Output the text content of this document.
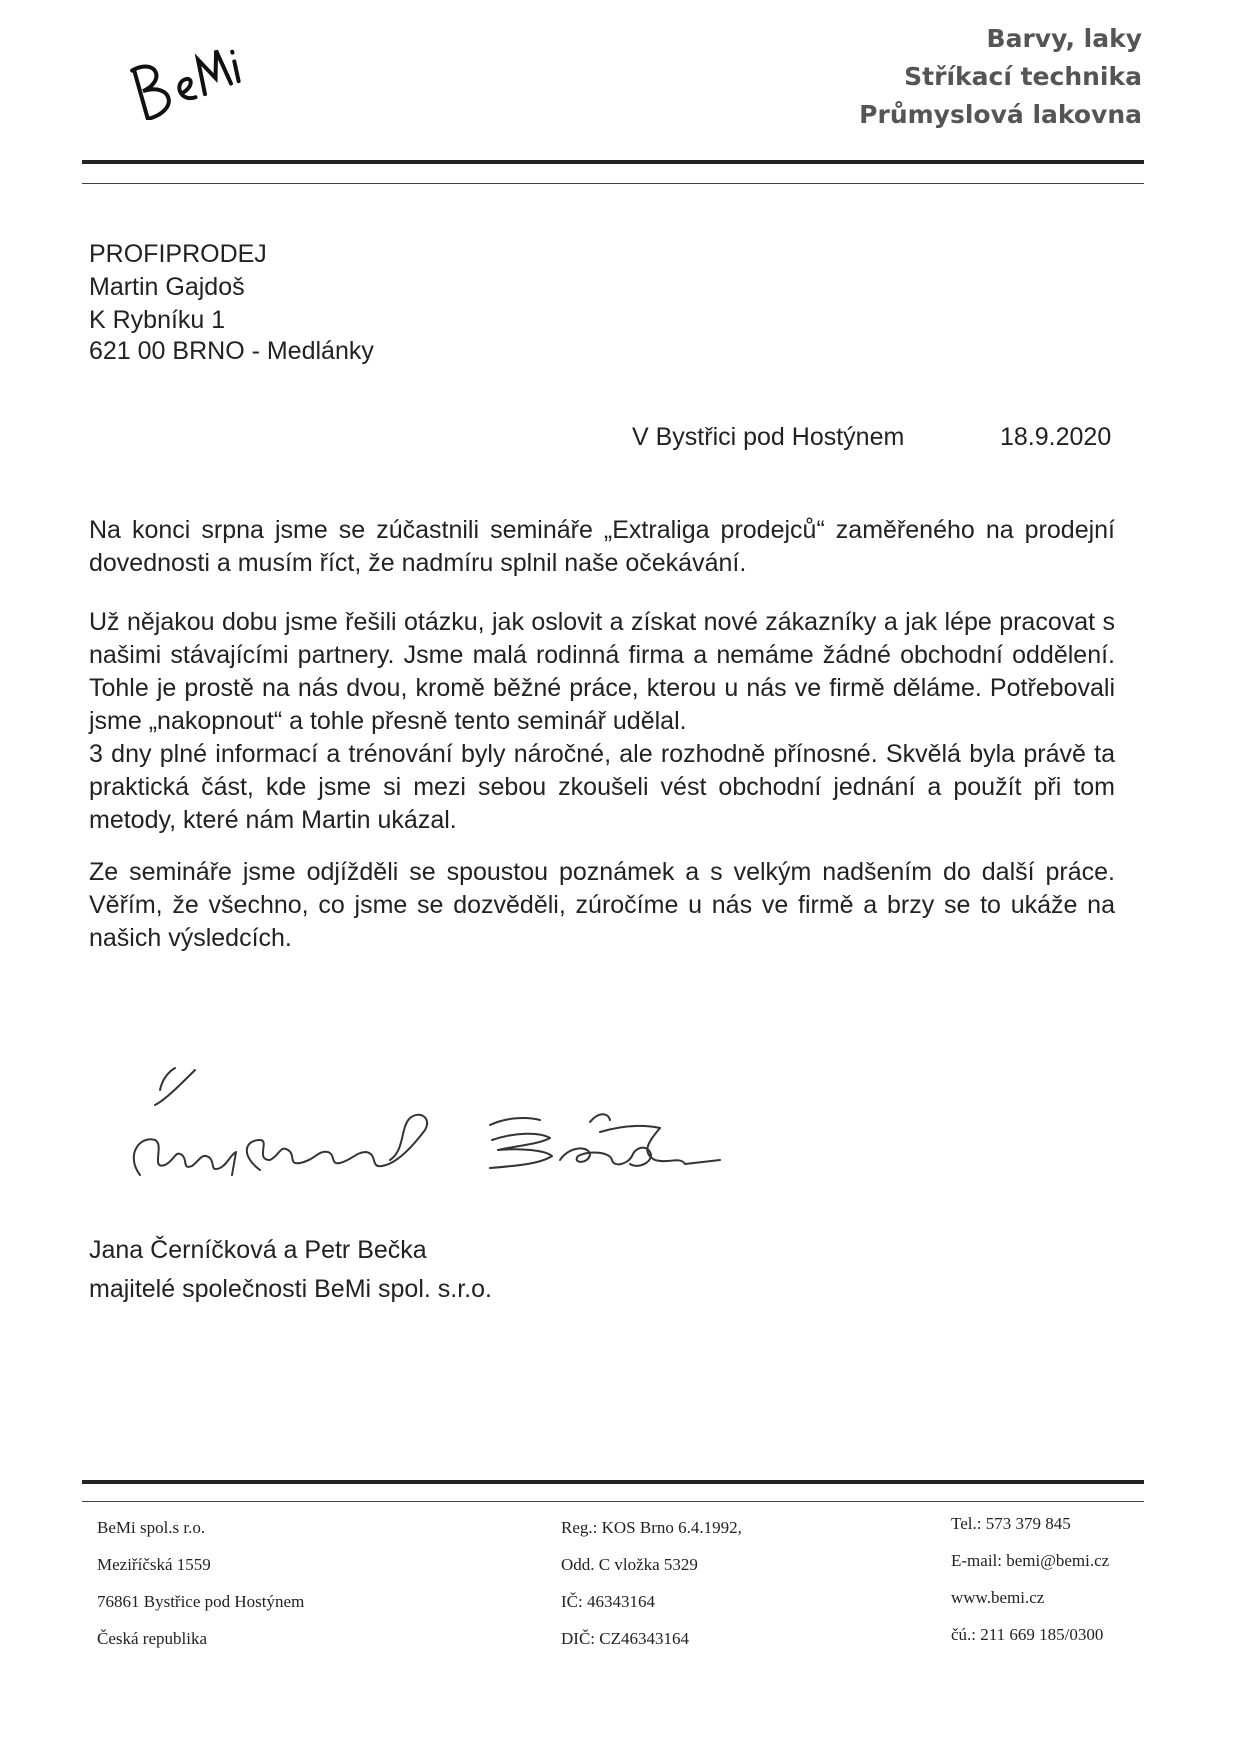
Barvy, laky
Stříkací technika
Průmyslová lakovna
PROFIPRODEJ
Martin Gajdoš
K Rybníku 1
621 00 BRNO - Medlánky
V Bystřici pod Hostýnem	18.9.2020
Na konci srpna jsme se zúčastnili semináře „Extraliga prodejců“ zaměřeného na prodejní dovednosti a musím říct, že nadmíru splnil naše očekávání.
Už nějakou dobu jsme řešili otázku, jak oslovit a získat nové zákazníky a jak lépe pracovat s našimi stávajícími partnery. Jsme malá rodinná firma a nemáme žádné obchodní oddělení. Tohle je prostě na nás dvou, kromě běžné práce, kterou u nás ve firmě děláme. Potřebovali jsme „nakopnout“ a tohle přesně tento seminář udělal.
3 dny plné informací a trénování byly náročné, ale rozhodně přínosné. Skvělá byla právě ta praktická část, kde jsme si mezi sebou zkoušeli vést obchodní jednání a použít při tom metody, které nám Martin ukázal.
Ze semináře jsme odjížděli se spoustou poznámek a s velkým nadšením do další práce. Věřím, že všechno, co jsme se dozvěděli, zúročíme u nás ve firmě a brzy se to ukáže na našich výsledcích.
Jana Černíčková a Petr Bečka
majitelé společnosti BeMi spol. s.r.o.
BeMi spol.s r.o.
Meziříčská 1559
76861 Bystřice pod Hostýnem
Česká republika
Reg.: KOS Brno 6.4.1992,
Odd. C vložka 5329
IČ: 46343164
DIČ: CZ46343164
Tel.: 573 379 845
E-mail: bemi@bemi.cz
www.bemi.cz
čú.: 211 669 185/0300
